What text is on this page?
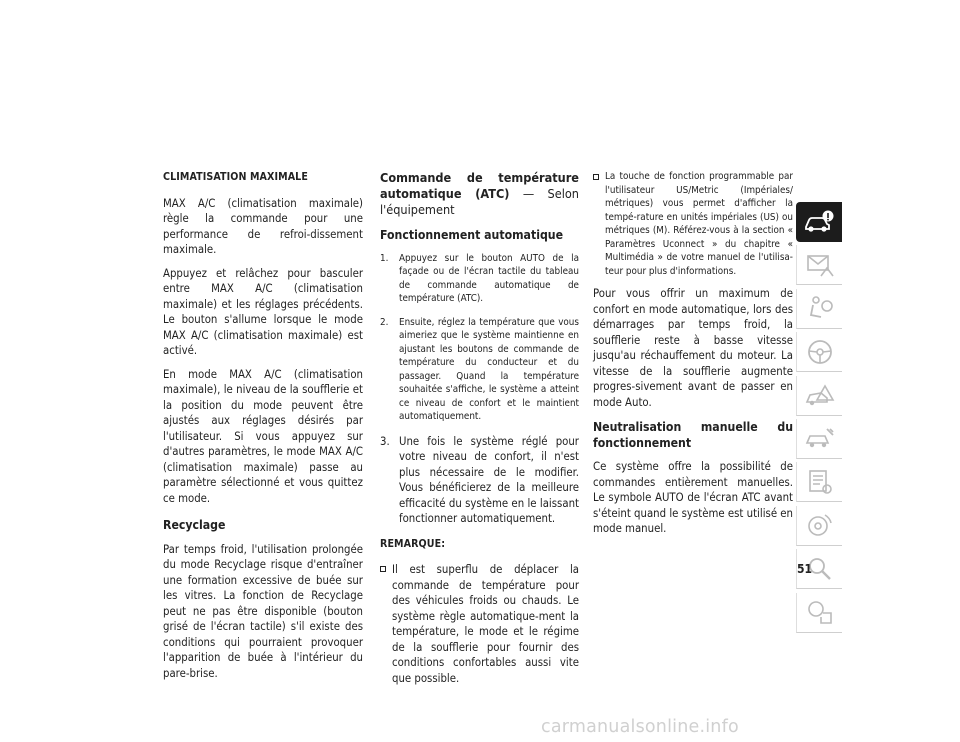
CLIMATISATION MAXIMALE

MAX A/C (climatisation maximale) règle la commande pour une performance de refroi-dissement maximale.

Appuyez et relâchez pour basculer entre MAX A/C (climatisation maximale) et les réglages précédents. Le bouton s'allume lorsque le mode MAX A/C (climatisation maximale) est activé.

En mode MAX A/C (climatisation maximale), le niveau de la soufflerie et la position du mode peuvent être ajustés aux réglages désirés par l'utilisateur. Si vous appuyez sur d'autres paramètres, le mode MAX A/C (climatisation maximale) passe au paramètre sélectionné et vous quittez ce mode.

Recyclage

Par temps froid, l'utilisation prolongée du mode Recyclage risque d'entraîner une formation excessive de buée sur les vitres. La fonction de Recyclage peut ne pas être disponible (bouton grisé de l'écran tactile) s'il existe des conditions qui pourraient provoquer l'apparition de buée à l'intérieur du pare-brise.

Commande de température automatique (ATC) — Selon l'équipement
Fonctionnement automatique
1. Appuyez sur le bouton AUTO de la façade ou de l'écran tactile du tableau de commande automatique de température (ATC).
2. Ensuite, réglez la température que vous aimeriez que le système maintienne en ajustant les boutons de commande de température du conducteur et du passager. Quand la température souhaitée s'affiche, le système a atteint ce niveau de confort et le maintient automatiquement.
3. Une fois le système réglé pour votre niveau de confort, il n'est plus nécessaire de le modifier. Vous bénéficierez de la meilleure efficacité du système en le laissant fonctionner automatiquement.
REMARQUE:
Il est superflu de déplacer la commande de température pour des véhicules froids ou chauds. Le système règle automatique-ment la température, le mode et le régime de la soufflerie pour fournir des conditions confortables aussi vite que possible.
La touche de fonction programmable par l'utilisateur US/Metric (Impériales/ métriques) vous permet d'afficher la tempé-rature en unités impériales (US) ou métriques (M). Référez-vous à la section « Paramètres Uconnect » du chapitre « Multimédia » de votre manuel de l'utilisa-teur pour plus d'informations.

Pour vous offrir un maximum de confort en mode automatique, lors des démarrages par temps froid, la soufflerie reste à basse vitesse jusqu'au réchauffement du moteur. La vitesse de la soufflerie augmente progres-sivement avant de passer en mode Auto.

Neutralisation manuelle du fonctionnement

Ce système offre la possibilité de commandes entièrement manuelles. Le symbole AUTO de l'écran ATC avant s'éteint quand le système est utilisé en mode manuel.

51
carmanualsonline.info
